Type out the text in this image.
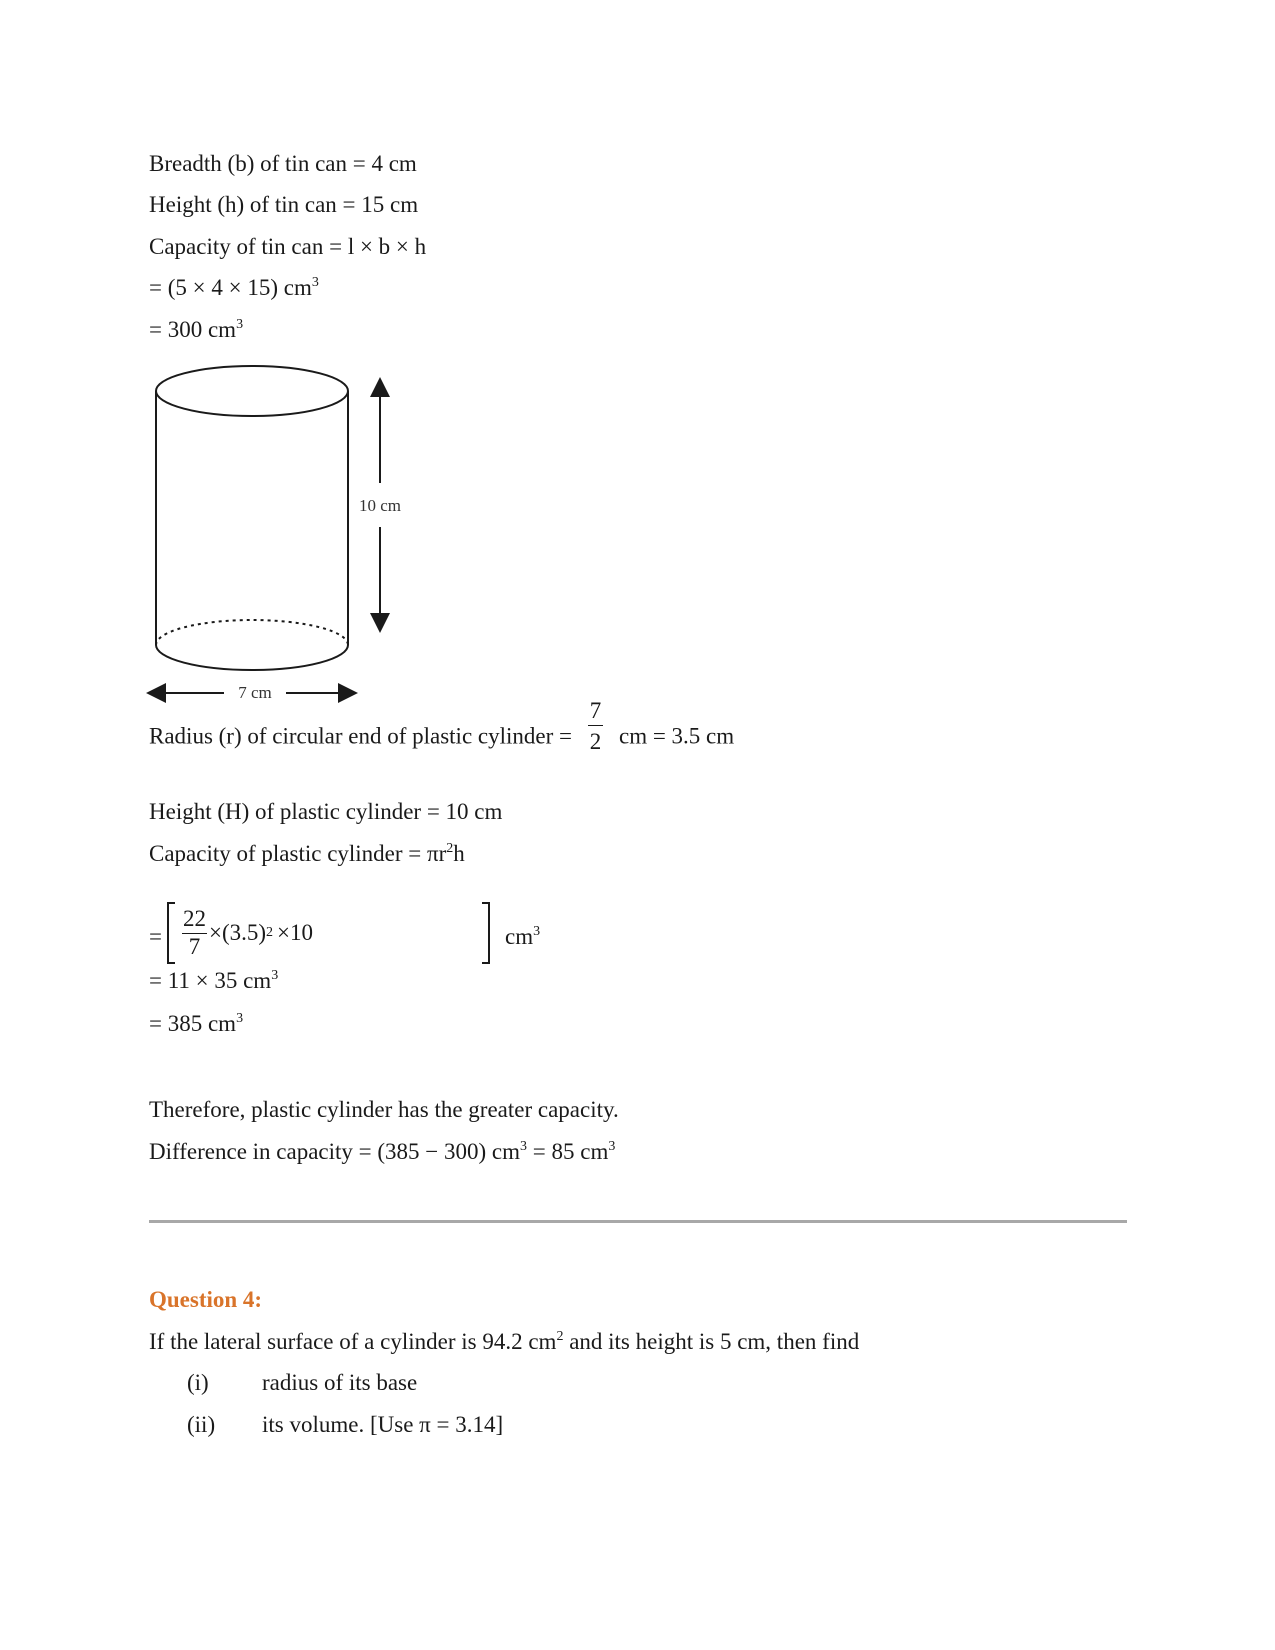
Breadth (b) of tin can = 4 cm
Height (h) of tin can = 15 cm
Capacity of tin can = l × b × h
= (5 × 4 × 15) $cm^3$
= 300 $cm^3$
10 cm
7 cm
Radius (r) of circular end of plastic cylinder = $\frac{7}{2}$ cm = 3.5 cm
Height (H) of plastic cylinder = 10 cm
Capacity of plastic cylinder = $\pi r^2h$
= $\frac{22}{7} \times(3.5)$ 2 ×10	$cm^3$
= 11 × 35 $cm^3$
= 385 $cm^3$
Therefore, plastic cylinder has the greater capacity.
Difference in capacity = (385 − 300) $cm^3 = 85$ $cm^3$
Question 4:
If the lateral surface of a cylinder is 94.2 $cm^2$ and its height is 5 cm, then find
(i) radius of its base
(ii) its volume. [Use π = 3.14]
